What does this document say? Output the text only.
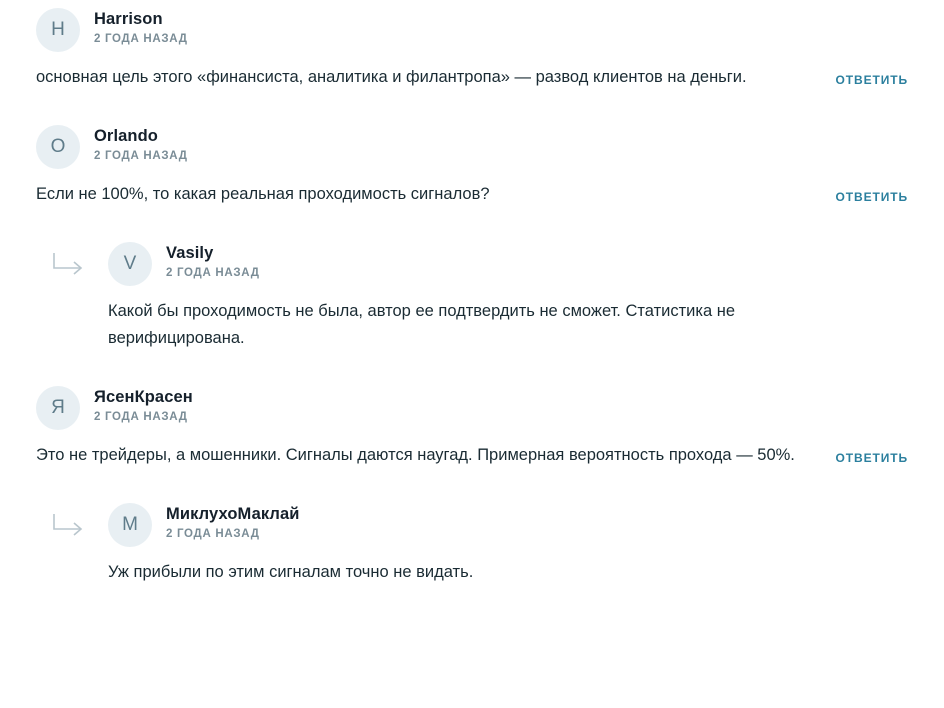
H	Harrison
2 ГОДА НАЗАД
основная цель этого «финансиста, аналитика и филантропа» — развод клиентов на деньги.	ОТВЕТИТЬ
O	Orlando
2 ГОДА НАЗАД
Если не 100%, то какая реальная проходимость сигналов?	ОТВЕТИТЬ
V	Vasily
2 ГОДА НАЗАД
Какой бы проходимость не была, автор ее подтвердить не сможет. Статистика не верифицирована.
Я	ЯсенКрасен
2 ГОДА НАЗАД
Это не трейдеры, а мошенники. Сигналы даются наугад. Примерная вероятность прохода — 50%.	ОТВЕТИТЬ
M	МиклухоМаклай
2 ГОДА НАЗАД
Уж прибыли по этим сигналам точно не видать.
